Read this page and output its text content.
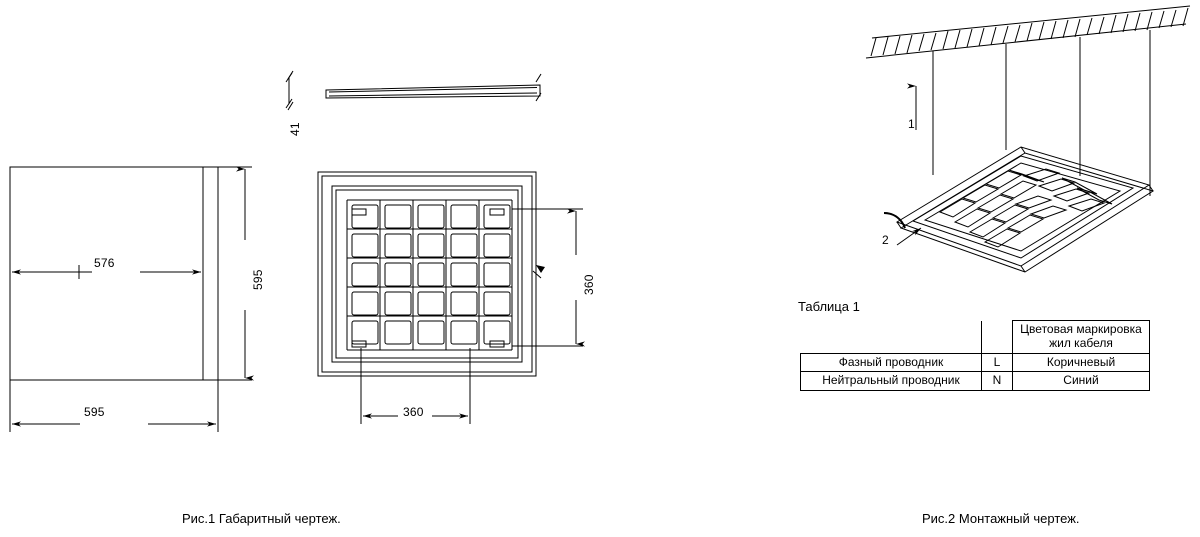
576
595
595
41
360
360
1
2
Таблица 1

		Цветовая маркировка
жил кабеля

Фазный проводник	L	Коричневый
Нейтральный проводник	N	Синий
Рис.1 Габаритный чертеж.	Рис.2 Монтажный чертеж.
